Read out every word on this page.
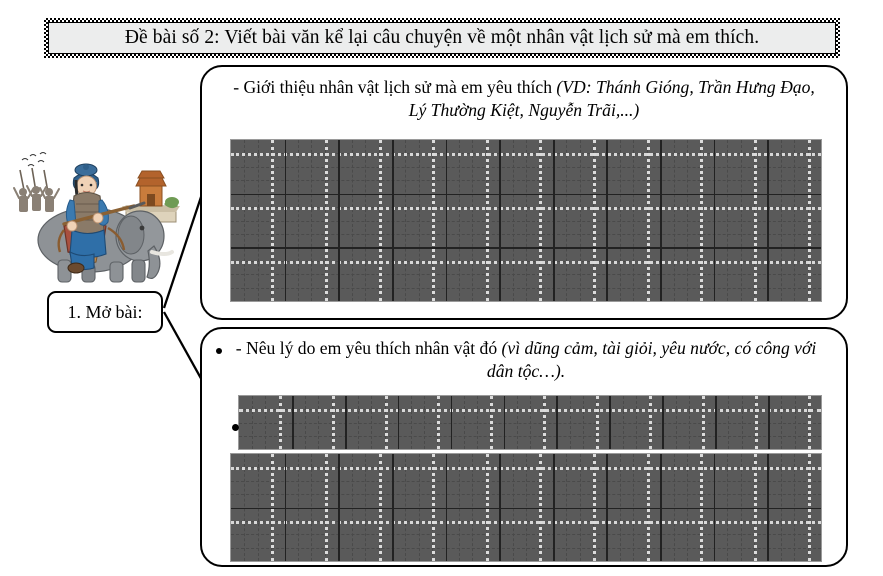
Đề bài số 2: Viết bài văn kể lại câu chuyện về một nhân vật lịch sử mà em thích.
1. Mở bài:
- Giới thiệu nhân vật lịch sử mà em yêu thích (VD: Thánh Gióng, Trần Hưng Đạo, Lý Thường Kiệt, Nguyễn Trãi,...)
- Nêu lý do em yêu thích nhân vật đó (vì dũng cảm, tài giỏi, yêu nước, có công với dân tộc…).
